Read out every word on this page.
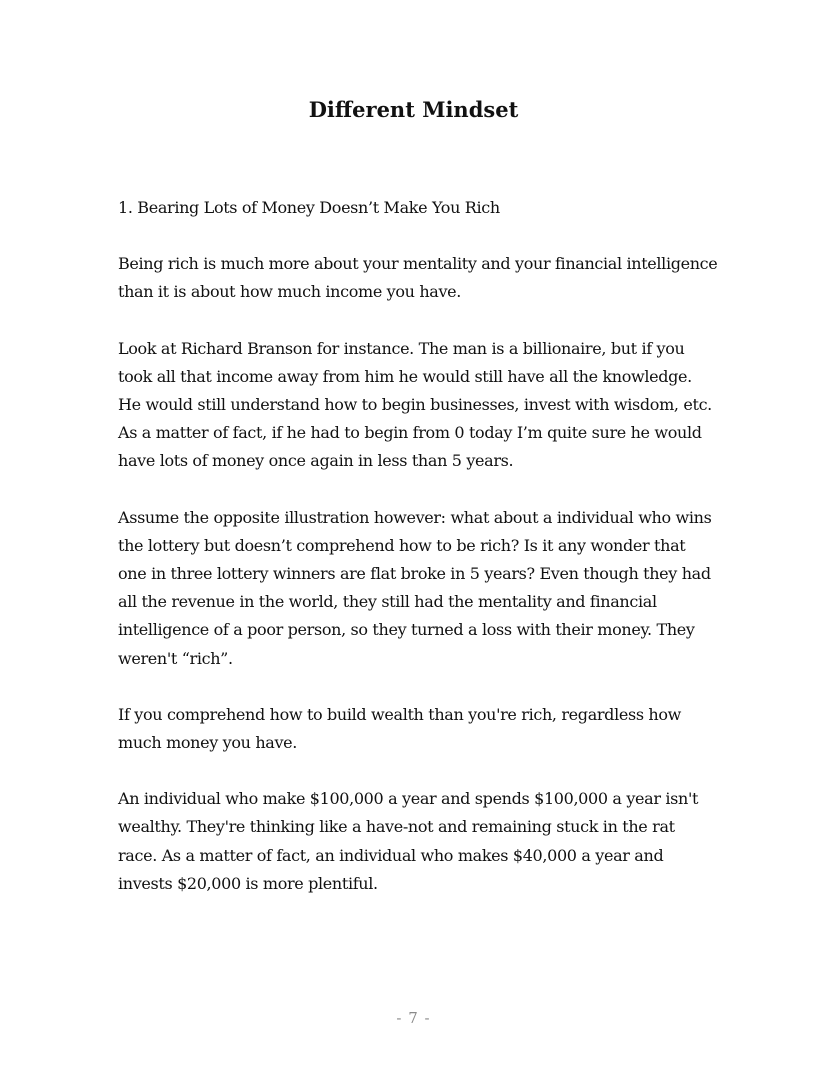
Different Mindset

1. Bearing Lots of Money Doesn’t Make You Rich

Being rich is much more about your mentality and your financial intelligence than it is about how much income you have.

Look at Richard Branson for instance. The man is a billionaire, but if you took all that income away from him he would still have all the knowledge. He would still understand how to begin businesses, invest with wisdom, etc. As a matter of fact, if he had to begin from 0 today I’m quite sure he would have lots of money once again in less than 5 years.

Assume the opposite illustration however: what about a individual who wins the lottery but doesn’t comprehend how to be rich? Is it any wonder that one in three lottery winners are flat broke in 5 years? Even though they had all the revenue in the world, they still had the mentality and financial intelligence of a poor person, so they turned a loss with their money. They weren't “rich”.

If you comprehend how to build wealth than you're rich, regardless how much money you have.

An individual who make $100,000 a year and spends $100,000 a year isn't wealthy. They're thinking like a have-not and remaining stuck in the rat race. As a matter of fact, an individual who makes $40,000 a year and invests $20,000 is more plentiful.

- 7 -
